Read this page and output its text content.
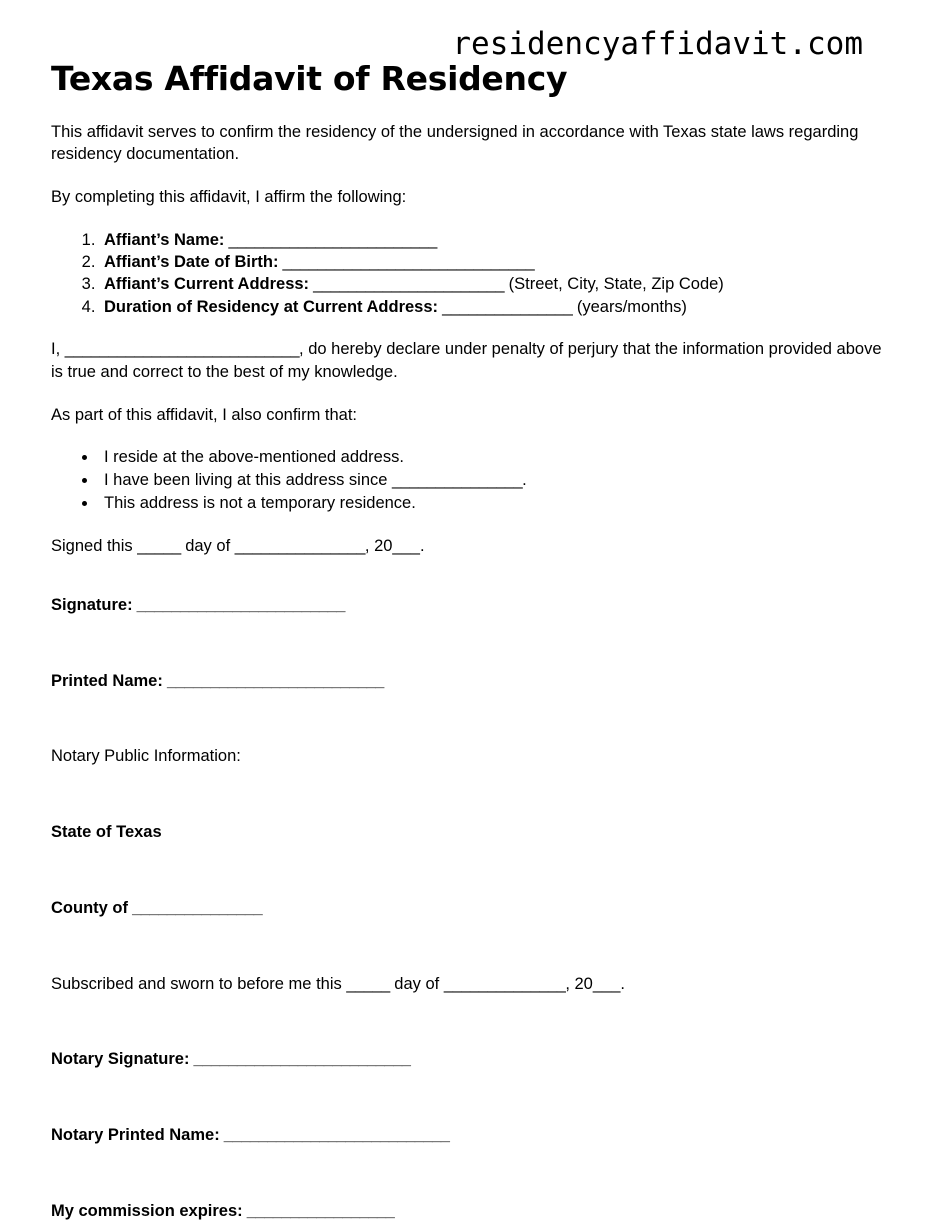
residencyaffidavit.com
Texas Affidavit of Residency

This affidavit serves to confirm the residency of the undersigned in accordance with Texas state laws regarding residency documentation.

By completing this affidavit, I affirm the following:

1. Affiant’s Name: ________________________
2. Affiant’s Date of Birth: _____________________________
3. Affiant’s Current Address: ______________________ (Street, City, State, Zip Code)
4. Duration of Residency at Current Address: _______________ (years/months)

I, ___________________________, do hereby declare under penalty of perjury that the information provided above is true and correct to the best of my knowledge.

As part of this affidavit, I also confirm that:

• I reside at the above-mentioned address.
• I have been living at this address since _______________.
• This address is not a temporary residence.

Signed this _____ day of _______________, 20___.

Signature: ________________________

Printed Name: _________________________

Notary Public Information:

State of Texas

County of _______________

Subscribed and sworn to before me this _____ day of ______________, 20___.

Notary Signature: _________________________

Notary Printed Name: __________________________

My commission expires: _________________
